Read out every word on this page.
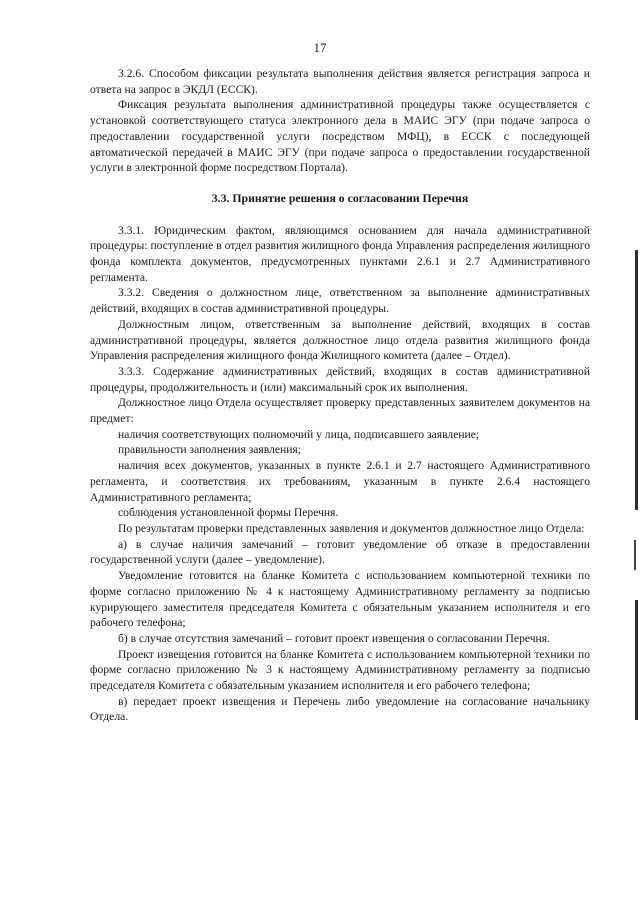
17

3.2.6. Способом фиксации результата выполнения действия является регистрация запроса и ответа на запрос в ЭКДЛ (ЕССК).

Фиксация результата выполнения административной процедуры также осуществляется с установкой соответствующего статуса электронного дела в МАИС ЭГУ (при подаче запроса о предоставлении государственной услуги посредством МФЦ), в ЕССК с последующей автоматической передачей в МАИС ЭГУ (при подаче запроса о предоставлении государственной услуги в электронной форме посредством Портала).

3.3. Принятие решения о согласовании Перечня

3.3.1. Юридическим фактом, являющимся основанием для начала административной процедуры: поступление в отдел развития жилищного фонда Управления распределения жилищного фонда комплекта документов, предусмотренных пунктами 2.6.1 и 2.7 Административного регламента.

3.3.2. Сведения о должностном лице, ответственном за выполнение административных действий, входящих в состав административной процедуры.

Должностным лицом, ответственным за выполнение действий, входящих в состав административной процедуры, является должностное лицо отдела развития жилищного фонда Управления распределения жилищного фонда Жилищного комитета (далее – Отдел).

3.3.3. Содержание административных действий, входящих в состав административной процедуры, продолжительность и (или) максимальный срок их выполнения.

Должностное лицо Отдела осуществляет проверку представленных заявителем документов на предмет:

наличия соответствующих полномочий у лица, подписавшего заявление;

правильности заполнения заявления;

наличия всех документов, указанных в пункте 2.6.1 и 2.7 настоящего Административного регламента, и соответствия их требованиям, указанным в пункте 2.6.4 настоящего Административного регламента;

соблюдения установленной формы Перечня.

По результатам проверки представленных заявления и документов должностное лицо Отдела:

а) в случае наличия замечаний – готовит уведомление об отказе в предоставлении государственной услуги (далее – уведомление).

Уведомление готовится на бланке Комитета с использованием компьютерной техники по форме согласно приложению № 4 к настоящему Административному регламенту за подписью курирующего заместителя председателя Комитета с обязательным указанием исполнителя и его рабочего телефона;

б) в случае отсутствия замечаний – готовит проект извещения о согласовании Перечня.

Проект извещения готовится на бланке Комитета с использованием компьютерной техники по форме согласно приложению № 3 к настоящему Административному регламенту за подписью председателя Комитета с обязательным указанием исполнителя и его рабочего телефона;

в) передает проект извещения и Перечень либо уведомление на согласование начальнику Отдела.
